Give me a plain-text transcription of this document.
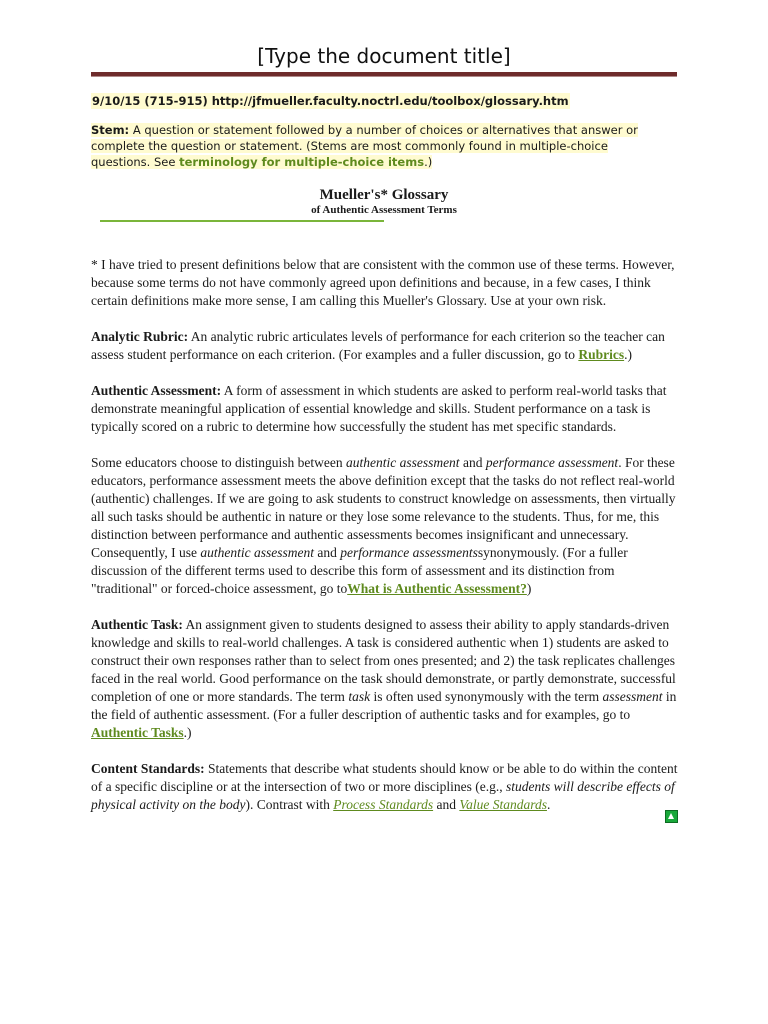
[Type the document title]
9/10/15 (715-915) http://jfmueller.faculty.noctrl.edu/toolbox/glossary.htm
Stem: A question or statement followed by a number of choices or alternatives that answer or complete the question or statement. (Stems are most commonly found in multiple-choice questions. See terminology for multiple-choice items.)
Mueller's* Glossary
of Authentic Assessment Terms

* I have tried to present definitions below that are consistent with the common use of these terms. However, because some terms do not have commonly agreed upon definitions and because, in a few cases, I think certain definitions make more sense, I am calling this Mueller's Glossary. Use at your own risk.

Analytic Rubric: An analytic rubric articulates levels of performance for each criterion so the teacher can assess student performance on each criterion. (For examples and a fuller discussion, go to Rubrics.)

Authentic Assessment: A form of assessment in which students are asked to perform real-world tasks that demonstrate meaningful application of essential knowledge and skills. Student performance on a task is typically scored on a rubric to determine how successfully the student has met specific standards.

Some educators choose to distinguish between authentic assessment and performance assessment. For these educators, performance assessment meets the above definition except that the tasks do not reflect real-world (authentic) challenges. If we are going to ask students to construct knowledge on assessments, then virtually all such tasks should be authentic in nature or they lose some relevance to the students. Thus, for me, this distinction between performance and authentic assessments becomes insignificant and unnecessary. Consequently, I use authentic assessment and performance assessmentssynonymously. (For a fuller discussion of the different terms used to describe this form of assessment and its distinction from "traditional" or forced-choice assessment, go toWhat is Authentic Assessment?)

Authentic Task: An assignment given to students designed to assess their ability to apply standards-driven knowledge and skills to real-world challenges. A task is considered authentic when 1) students are asked to construct their own responses rather than to select from ones presented; and 2) the task replicates challenges faced in the real world. Good performance on the task should demonstrate, or partly demonstrate, successful completion of one or more standards. The term task is often used synonymously with the term assessment in the field of authentic assessment. (For a fuller description of authentic tasks and for examples, go to Authentic Tasks.)

Content Standards: Statements that describe what students should know or be able to do within the content of a specific discipline or at the intersection of two or more disciplines (e.g., students will describe effects of physical activity on the body). Contrast with Process Standards and Value Standards.
